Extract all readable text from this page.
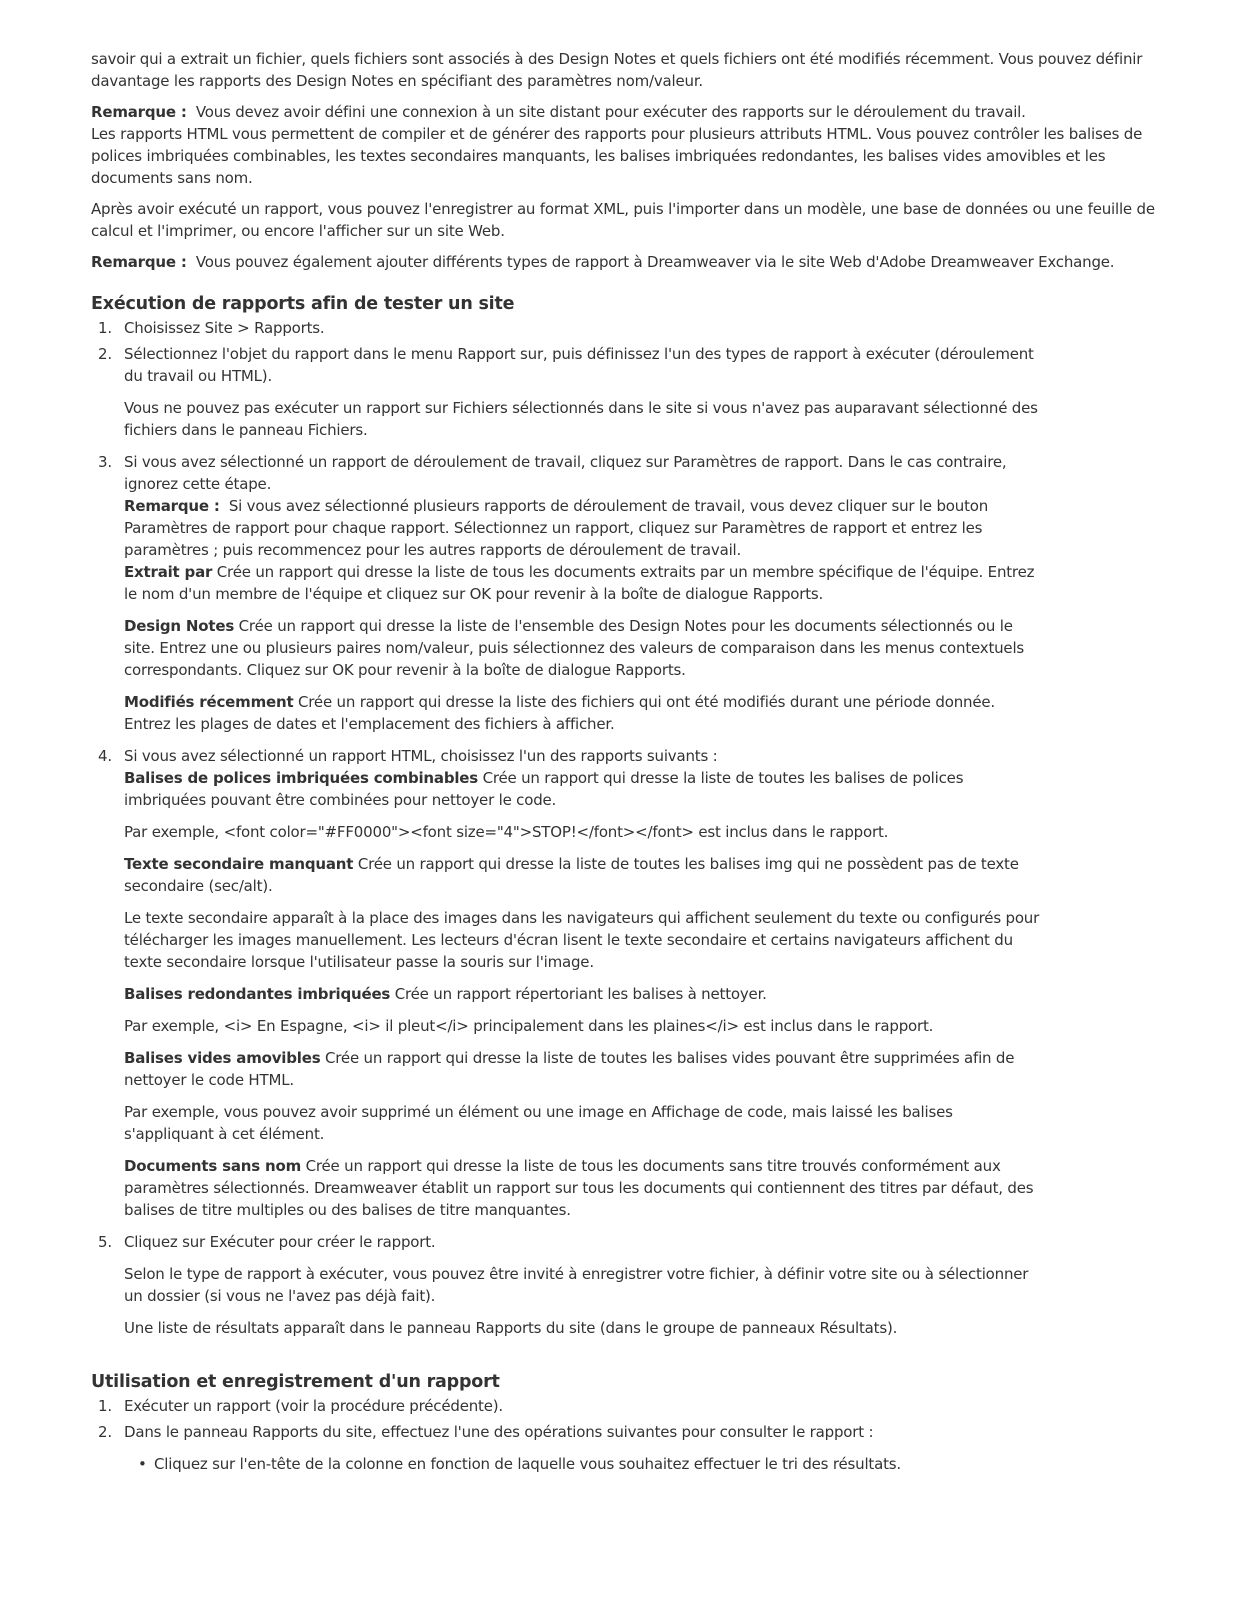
savoir qui a extrait un fichier, quels fichiers sont associés à des Design Notes et quels fichiers ont été modifiés récemment. Vous pouvez définir davantage les rapports des Design Notes en spécifiant des paramètres nom/valeur.

Remarque : Vous devez avoir défini une connexion à un site distant pour exécuter des rapports sur le déroulement du travail.

Les rapports HTML vous permettent de compiler et de générer des rapports pour plusieurs attributs HTML. Vous pouvez contrôler les balises de polices imbriquées combinables, les textes secondaires manquants, les balises imbriquées redondantes, les balises vides amovibles et les documents sans nom.

Après avoir exécuté un rapport, vous pouvez l'enregistrer au format XML, puis l'importer dans un modèle, une base de données ou une feuille de calcul et l'imprimer, ou encore l'afficher sur un site Web.

Remarque : Vous pouvez également ajouter différents types de rapport à Dreamweaver via le site Web d'Adobe Dreamweaver Exchange.

Exécution de rapports afin de tester un site
1. Choisissez Site > Rapports.
2. Sélectionnez l'objet du rapport dans le menu Rapport sur, puis définissez l'un des types de rapport à exécuter (déroulement du travail ou HTML).

Vous ne pouvez pas exécuter un rapport sur Fichiers sélectionnés dans le site si vous n'avez pas auparavant sélectionné des fichiers dans le panneau Fichiers.

3. Si vous avez sélectionné un rapport de déroulement de travail, cliquez sur Paramètres de rapport. Dans le cas contraire, ignorez cette étape.

Remarque : Si vous avez sélectionné plusieurs rapports de déroulement de travail, vous devez cliquer sur le bouton Paramètres de rapport pour chaque rapport. Sélectionnez un rapport, cliquez sur Paramètres de rapport et entrez les paramètres ; puis recommencez pour les autres rapports de déroulement de travail.

Extrait par Crée un rapport qui dresse la liste de tous les documents extraits par un membre spécifique de l'équipe. Entrez le nom d'un membre de l'équipe et cliquez sur OK pour revenir à la boîte de dialogue Rapports.

Design Notes Crée un rapport qui dresse la liste de l'ensemble des Design Notes pour les documents sélectionnés ou le site. Entrez une ou plusieurs paires nom/valeur, puis sélectionnez des valeurs de comparaison dans les menus contextuels correspondants. Cliquez sur OK pour revenir à la boîte de dialogue Rapports.

Modifiés récemment Crée un rapport qui dresse la liste des fichiers qui ont été modifiés durant une période donnée. Entrez les plages de dates et l'emplacement des fichiers à afficher.

4. Si vous avez sélectionné un rapport HTML, choisissez l'un des rapports suivants :

Balises de polices imbriquées combinables Crée un rapport qui dresse la liste de toutes les balises de polices imbriquées pouvant être combinées pour nettoyer le code.

Par exemple, <font color="#FF0000"><font size="4">STOP!</font></font> est inclus dans le rapport.

Texte secondaire manquant Crée un rapport qui dresse la liste de toutes les balises img qui ne possèdent pas de texte secondaire (sec/alt).

Le texte secondaire apparaît à la place des images dans les navigateurs qui affichent seulement du texte ou configurés pour télécharger les images manuellement. Les lecteurs d'écran lisent le texte secondaire et certains navigateurs affichent du texte secondaire lorsque l'utilisateur passe la souris sur l'image.

Balises redondantes imbriquées Crée un rapport répertoriant les balises à nettoyer.

Par exemple, <i> En Espagne, <i> il pleut</i> principalement dans les plaines</i> est inclus dans le rapport.

Balises vides amovibles Crée un rapport qui dresse la liste de toutes les balises vides pouvant être supprimées afin de nettoyer le code HTML.

Par exemple, vous pouvez avoir supprimé un élément ou une image en Affichage de code, mais laissé les balises s'appliquant à cet élément.

Documents sans nom Crée un rapport qui dresse la liste de tous les documents sans titre trouvés conformément aux paramètres sélectionnés. Dreamweaver établit un rapport sur tous les documents qui contiennent des titres par défaut, des balises de titre multiples ou des balises de titre manquantes.

5. Cliquez sur Exécuter pour créer le rapport.

Selon le type de rapport à exécuter, vous pouvez être invité à enregistrer votre fichier, à définir votre site ou à sélectionner un dossier (si vous ne l'avez pas déjà fait).

Une liste de résultats apparaît dans le panneau Rapports du site (dans le groupe de panneaux Résultats).

Utilisation et enregistrement d'un rapport
1. Exécuter un rapport (voir la procédure précédente).
2. Dans le panneau Rapports du site, effectuez l'une des opérations suivantes pour consulter le rapport :

• Cliquez sur l'en-tête de la colonne en fonction de laquelle vous souhaitez effectuer le tri des résultats.
